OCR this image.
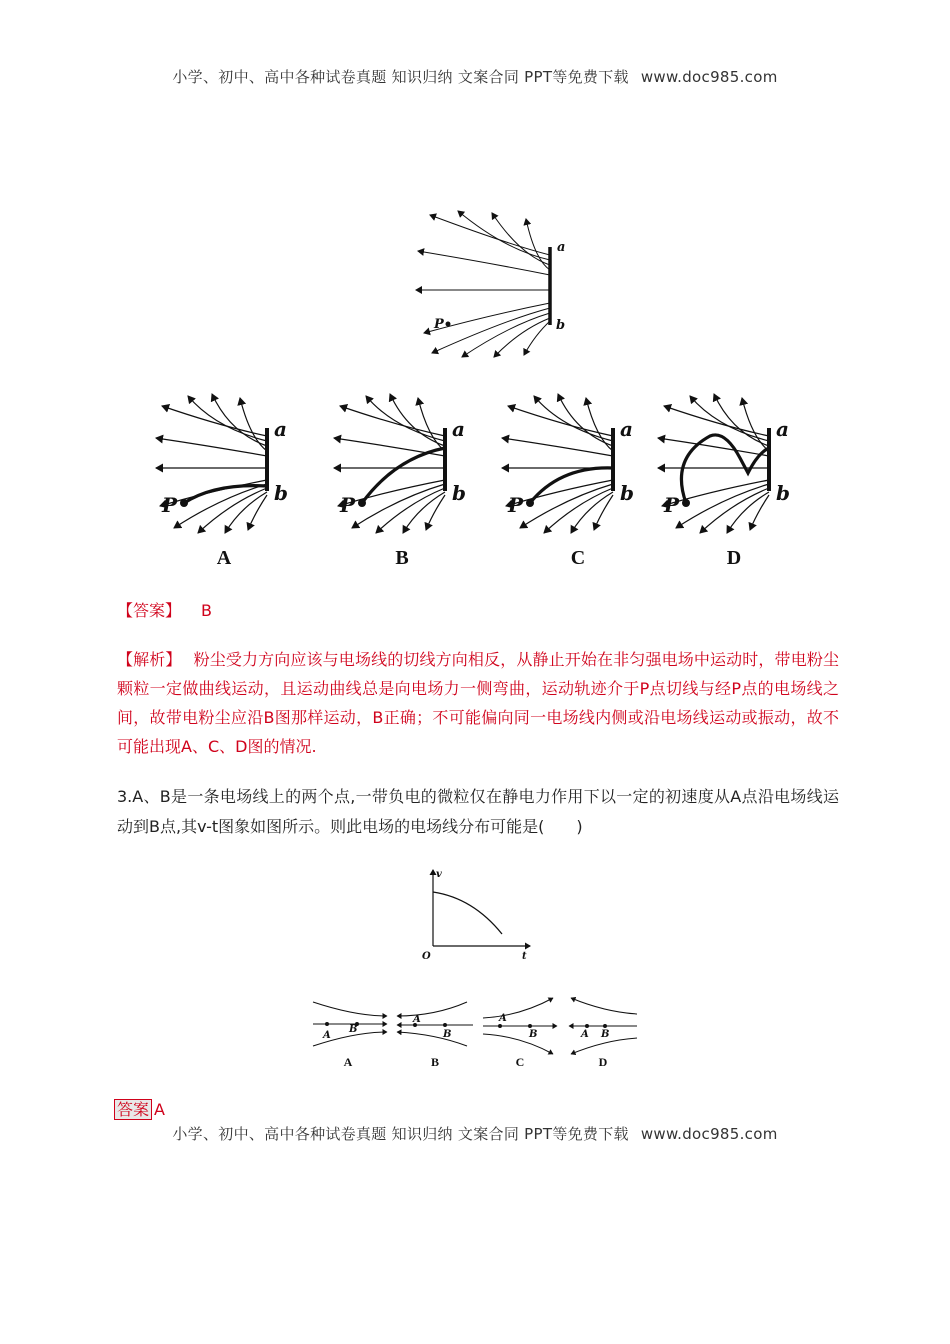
小学、初中、高中各种试卷真题 知识归纳 文案合同 PPT等免费下载 www.doc985.com
a
b
P
A	B	C	D
【答案】 B
【解析】 粉尘受力方向应该与电场线的切线方向相反，从静止开始在非匀强电场中运动时，带电粉尘颗粒一定做曲线运动，且运动曲线总是向电场力一侧弯曲，运动轨迹介于P点切线与经P点的电场线之间，故带电粉尘应沿B图那样运动，B正确；不可能偏向同一电场线内侧或沿电场线运动或振动，故不可能出现A、C、D图的情况.
3.A、B是一条电场线上的两个点,一带负电的微粒仅在静电力作用下以一定的初速度从A点沿电场线运动到B点,其v-t图象如图所示。则此电场的电场线分布可能是(　　)
v
t
O
A
B
A
B
A
B	A B
A	B	C	D
答案 A
小学、初中、高中各种试卷真题 知识归纳 文案合同 PPT等免费下载 www.doc985.com
